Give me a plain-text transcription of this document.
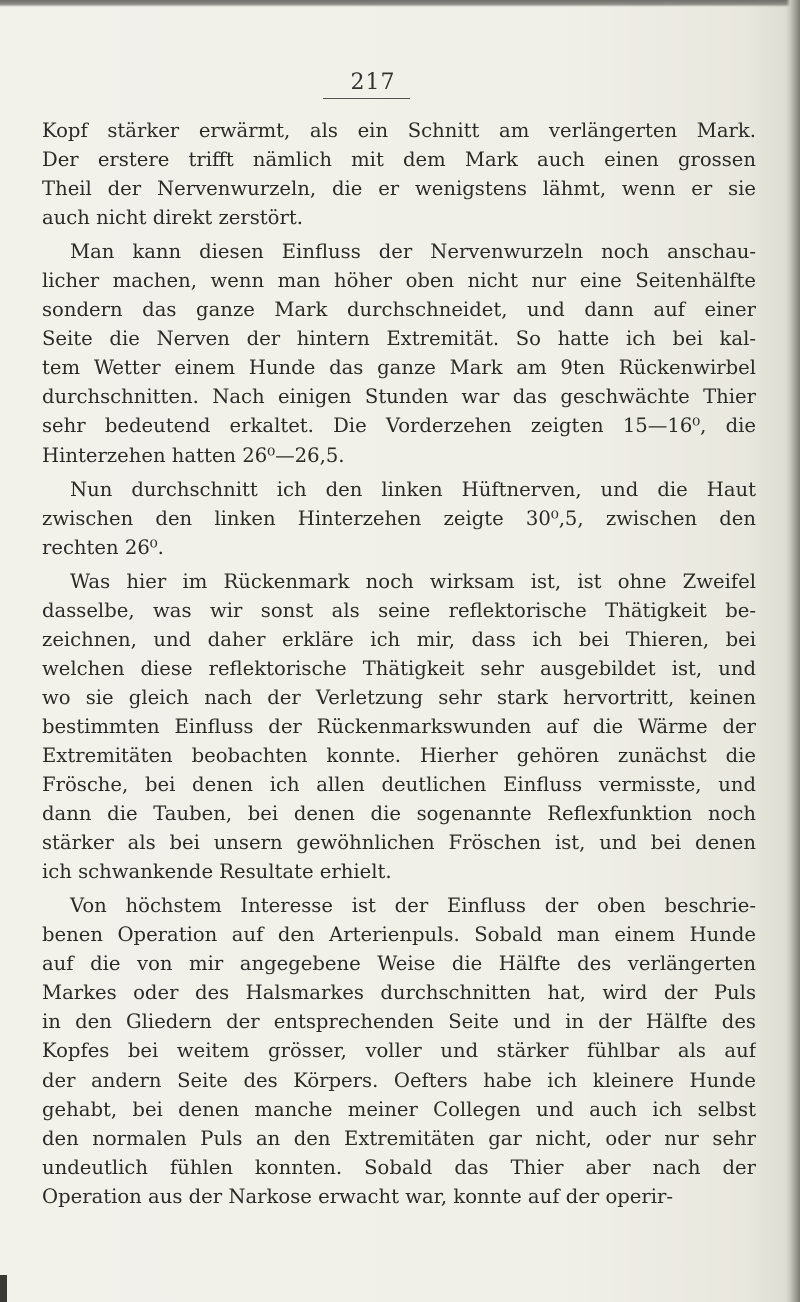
217
Kopf stärker erwärmt, als ein Schnitt am verlängerten Mark.
Der erstere trifft nämlich mit dem Mark auch einen grossen
Theil der Nervenwurzeln, die er wenigstens lähmt, wenn er sie
auch nicht direkt zerstört.
Man kann diesen Einfluss der Nervenwurzeln noch anschau-
licher machen, wenn man höher oben nicht nur eine Seitenhälfte
sondern das ganze Mark durchschneidet, und dann auf einer
Seite die Nerven der hintern Extremität. So hatte ich bei kal-
tem Wetter einem Hunde das ganze Mark am 9ten Rückenwirbel
durchschnitten. Nach einigen Stunden war das geschwächte Thier
sehr bedeutend erkaltet. Die Vorderzehen zeigten 15—16⁰, die
Hinterzehen hatten 26⁰—26,5.
Nun durchschnitt ich den linken Hüftnerven, und die Haut
zwischen den linken Hinterzehen zeigte 30⁰,5, zwischen den
rechten 26⁰.
Was hier im Rückenmark noch wirksam ist, ist ohne Zweifel
dasselbe, was wir sonst als seine reflektorische Thätigkeit be-
zeichnen, und daher erkläre ich mir, dass ich bei Thieren, bei
welchen diese reflektorische Thätigkeit sehr ausgebildet ist, und
wo sie gleich nach der Verletzung sehr stark hervortritt, keinen
bestimmten Einfluss der Rückenmarkswunden auf die Wärme der
Extremitäten beobachten konnte. Hierher gehören zunächst die
Frösche, bei denen ich allen deutlichen Einfluss vermisste, und
dann die Tauben, bei denen die sogenannte Reflexfunktion noch
stärker als bei unsern gewöhnlichen Fröschen ist, und bei denen
ich schwankende Resultate erhielt.
Von höchstem Interesse ist der Einfluss der oben beschrie-
benen Operation auf den Arterienpuls. Sobald man einem Hunde
auf die von mir angegebene Weise die Hälfte des verlängerten
Markes oder des Halsmarkes durchschnitten hat, wird der Puls
in den Gliedern der entsprechenden Seite und in der Hälfte des
Kopfes bei weitem grösser, voller und stärker fühlbar als auf
der andern Seite des Körpers. Oefters habe ich kleinere Hunde
gehabt, bei denen manche meiner Collegen und auch ich selbst
den normalen Puls an den Extremitäten gar nicht, oder nur sehr
undeutlich fühlen konnten. Sobald das Thier aber nach der
Operation aus der Narkose erwacht war, konnte auf der operir-
